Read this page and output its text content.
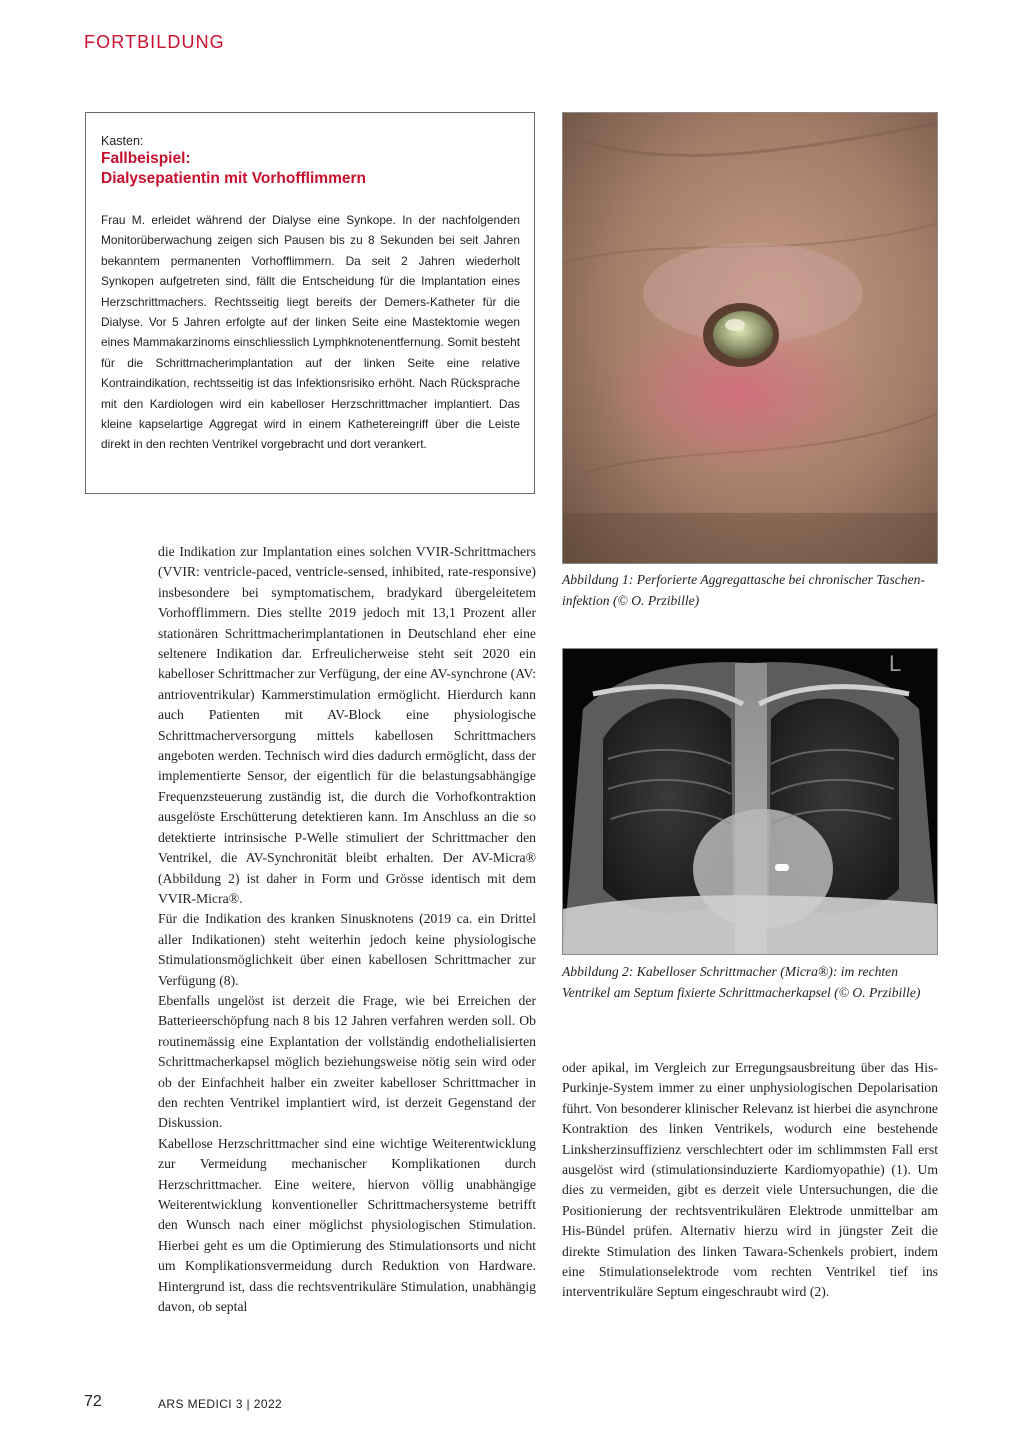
FORTBILDUNG

Kasten:

Fallbeispiel:
Dialysepatientin mit Vorhofflimmern

Frau M. erleidet während der Dialyse eine Synkope. In der nachfolgenden Monitorüberwachung zeigen sich Pausen bis zu 8 Sekunden bei seit Jahren bekanntem permanenten Vorhofflimmern. Da seit 2 Jahren wiederholt Synkopen aufgetreten sind, fällt die Entscheidung für die Implantation eines Herzschrittmachers. Rechtsseitig liegt bereits der Demers-Katheter für die Dialyse. Vor 5 Jahren erfolgte auf der linken Seite eine Mastektomie wegen eines Mammakarzinoms einschliesslich Lymphknotenentfernung. Somit besteht für die Schrittmacherimplantation auf der linken Seite eine relative Kontraindikation, rechtsseitig ist das Infektionsrisiko erhöht. Nach Rücksprache mit den Kardiologen wird ein kabelloser Herzschrittmacher implantiert. Das kleine kapselartige Aggregat wird in einem Kathetereingriff über die Leiste direkt in den rechten Ventrikel vorgebracht und dort verankert.

Abbildung 1: Perforierte Aggregattasche bei chronischer Tascheninfektion (© O. Przibille)

L

Abbildung 2: Kabelloser Schrittmacher (Micra®): im rechten Ventrikel am Septum fixierte Schrittmacherkapsel (© O. Przibille)

die Indikation zur Implantation eines solchen VVIR-Schrittmachers (VVIR: ventricle-paced, ventricle-sensed, inhibited, rate-responsive) insbesondere bei symptomatischem, bradykard übergeleitetem Vorhofflimmern. Dies stellte 2019 jedoch mit 13,1 Prozent aller stationären Schrittmacherimplantationen in Deutschland eher eine seltenere Indikation dar. Erfreulicherweise steht seit 2020 ein kabelloser Schrittmacher zur Verfügung, der eine AV-synchrone (AV: antrioventrikular) Kammerstimulation ermöglicht. Hierdurch kann auch Patienten mit AV-Block eine physiologische Schrittmacherversorgung mittels kabellosen Schrittmachers angeboten werden. Technisch wird dies dadurch ermöglicht, dass der implementierte Sensor, der eigentlich für die belastungsabhängige Frequenzsteuerung zuständig ist, die durch die Vorhofkontraktion ausgelöste Erschütterung detektieren kann. Im Anschluss an die so detektierte intrinsische P-Welle stimuliert der Schrittmacher den Ventrikel, die AV-Synchronität bleibt erhalten. Der AV-Micra® (Abbildung 2) ist daher in Form und Grösse identisch mit dem VVIR-Micra®.

Für die Indikation des kranken Sinusknotens (2019 ca. ein Drittel aller Indikationen) steht weiterhin jedoch keine physiologische Stimulationsmöglichkeit über einen kabellosen Schrittmacher zur Verfügung (8).

Ebenfalls ungelöst ist derzeit die Frage, wie bei Erreichen der Batterieerschöpfung nach 8 bis 12 Jahren verfahren werden soll. Ob routinemässig eine Explantation der vollständig endothelialisierten Schrittmacherkapsel möglich beziehungsweise nötig sein wird oder ob der Einfachheit halber ein zweiter kabelloser Schrittmacher in den rechten Ventrikel implantiert wird, ist derzeit Gegenstand der Diskussion.

Kabellose Herzschrittmacher sind eine wichtige Weiterentwicklung zur Vermeidung mechanischer Komplikationen durch Herzschrittmacher. Eine weitere, hiervon völlig unabhängige Weiterentwicklung konventioneller Schrittmachersysteme betrifft den Wunsch nach einer möglichst physiologischen Stimulation. Hierbei geht es um die Optimierung des Stimulationsorts und nicht um Komplikationsvermeidung durch Reduktion von Hardware. Hintergrund ist, dass die rechtsventrikuläre Stimulation, unabhängig davon, ob septal

oder apikal, im Vergleich zur Erregungsausbreitung über das His-Purkinje-System immer zu einer unphysiologischen Depolarisation führt. Von besonderer klinischer Relevanz ist hierbei die asynchrone Kontraktion des linken Ventrikels, wodurch eine bestehende Linksherzinsuffizienz verschlechtert oder im schlimmsten Fall erst ausgelöst wird (stimulationsinduzierte Kardiomyopathie) (1). Um dies zu vermeiden, gibt es derzeit viele Untersuchungen, die die Positionierung der rechtsventrikulären Elektrode unmittelbar am His-Bündel prüfen. Alternativ hierzu wird in jüngster Zeit die direkte Stimulation des linken Tawara-Schenkels probiert, indem eine Stimulationselektrode vom rechten Ventrikel tief ins interventrikuläre Septum eingeschraubt wird (2).

72	ARS MEDICI 3 | 2022
